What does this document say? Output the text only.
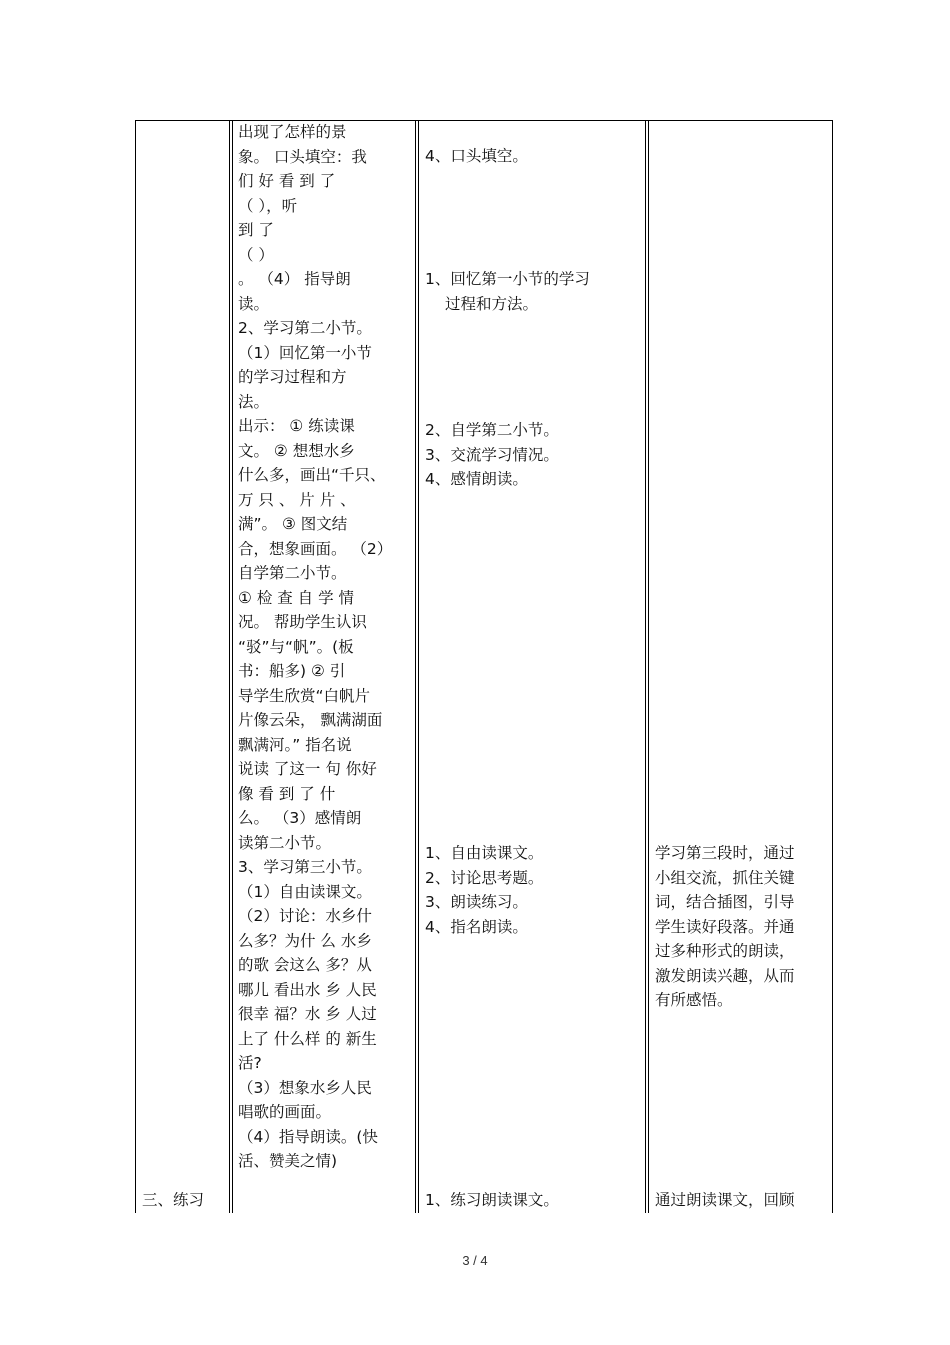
三、练习
出现了怎样的景
象。 口头填空：我
们 好 看 到 了
（ ），听
到 了
（ ）
。 （4） 指导朗
读。
2、学习第二小节。
（1）回忆第一小节
的学习过程和方
法。
出示： ① 练读课
文。 ② 想想水乡
什么多，画出“千只、
万 只 、 片 片 、
满”。 ③ 图文结
合，想象画面。 （2）
自学第二小节。
① 检 查 自 学 情
况。 帮助学生认识
“驳”与“帆”。(板
书：船多) ② 引
导学生欣赏“白帆片
片像云朵， 飘满湖面
飘满河。” 指名说
说读 了这一 句 你好
像 看 到 了 什
么。 （3）感情朗
读第二小节。
3、学习第三小节。
（1）自由读课文。
（2）讨论：水乡什
么多？为什 么 水乡
的歌 会这么 多？从
哪儿 看出水 乡 人民
很幸 福？水 乡 人过
上了 什么样 的 新生
活?
（3）想象水乡人民
唱歌的画面。
（4）指导朗读。(快
活、赞美之情)
4、口头填空。
1、回忆第一小节的学习
过程和方法。
2、自学第二小节。
3、交流学习情况。
4、感情朗读。
1、自由读课文。
2、讨论思考题。
3、朗读练习。
4、指名朗读。
1、练习朗读课文。
学习第三段时，通过
小组交流，抓住关键
词，结合插图，引导
学生读好段落。并通
过多种形式的朗读，
激发朗读兴趣，从而
有所感悟。
通过朗读课文，回顾
3 / 4
